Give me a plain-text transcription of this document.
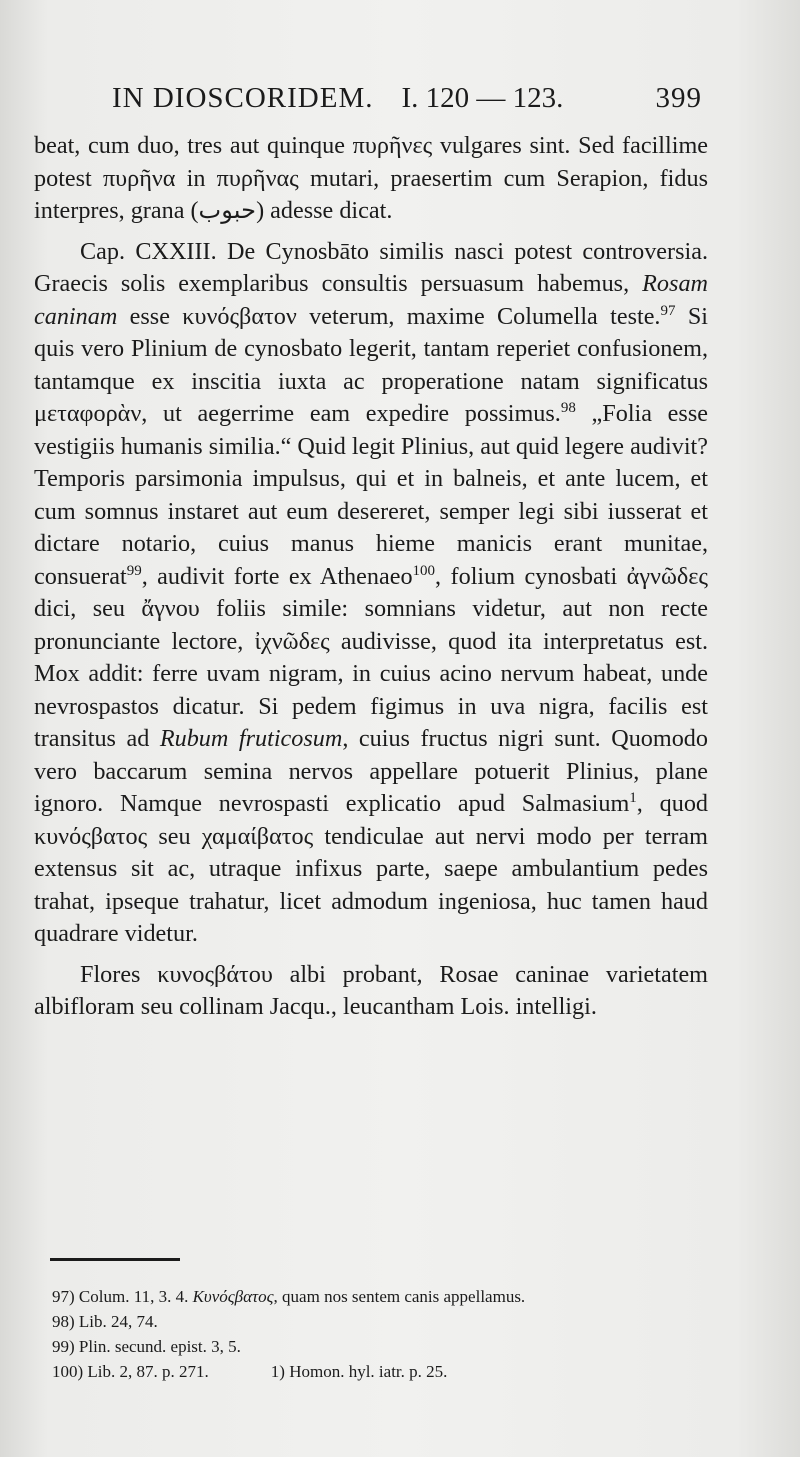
IN DIOSCORIDEM. I. 120 — 123.	399

beat, cum duo, tres aut quinque πυρῆνες vulgares sint. Sed facillime potest πυρῆνα in πυρῆνας mutari, praesertim cum Serapion, fidus interpres, grana (حبوب) adesse dicat.

Cap. CXXIII. De Cynosbāto similis nasci potest controversia. Graecis solis exemplaribus consultis persuasum habemus, Rosam caninam esse κυνόςβατον veterum, maxime Columella teste.$^{97}$ Si quis vero Plinium de cynosbato legerit, tantam reperiet confusionem, tantamque ex inscitia iuxta ac properatione natam significatus μεταφορὰν, ut aegerrime eam expedire possimus.$^{98}$ „Folia esse vestigiis humanis similia.“ Quid legit Plinius, aut quid legere audivit? Temporis parsimonia impulsus, qui et in balneis, et ante lucem, et cum somnus instaret aut eum desereret, semper legi sibi iusserat et dictare notario, cuius manus hieme manicis erant munitae, consuerat$^{99}$, audivit forte ex Athenaeo$^{100}$, folium cynosbati ἀγνῶδες dici, seu ἄγνου foliis simile: somnians videtur, aut non recte pronunciante lectore, ἰχνῶδες audivisse, quod ita interpretatus est. Mox addit: ferre uvam nigram, in cuius acino nervum habeat, unde nevrospastos dicatur. Si pedem figimus in uva nigra, facilis est transitus ad Rubum fruticosum, cuius fructus nigri sunt. Quomodo vero baccarum semina nervos appellare potuerit Plinius, plane ignoro. Namque nevrospasti explicatio apud Salmasium$^1$, quod κυνόςβατος seu χαμαίβατος tendiculae aut nervi modo per terram extensus sit ac, utraque infixus parte, saepe ambulantium pedes trahat, ipseque trahatur, licet admodum ingeniosa, huc tamen haud quadrare videtur.

Flores κυνοςβάτου albi probant, Rosae caninae varietatem albifloram seu collinam Jacqu., leucantham Lois. intelligi.

97) Colum. 11, 3. 4. Κυνόςβατος, quam nos sentem canis appellamus.
98) Lib. 24, 74.
99) Plin. secund. epist. 3, 5.
100) Lib. 2, 87. p. 271.	1) Homon. hyl. iatr. p. 25.
